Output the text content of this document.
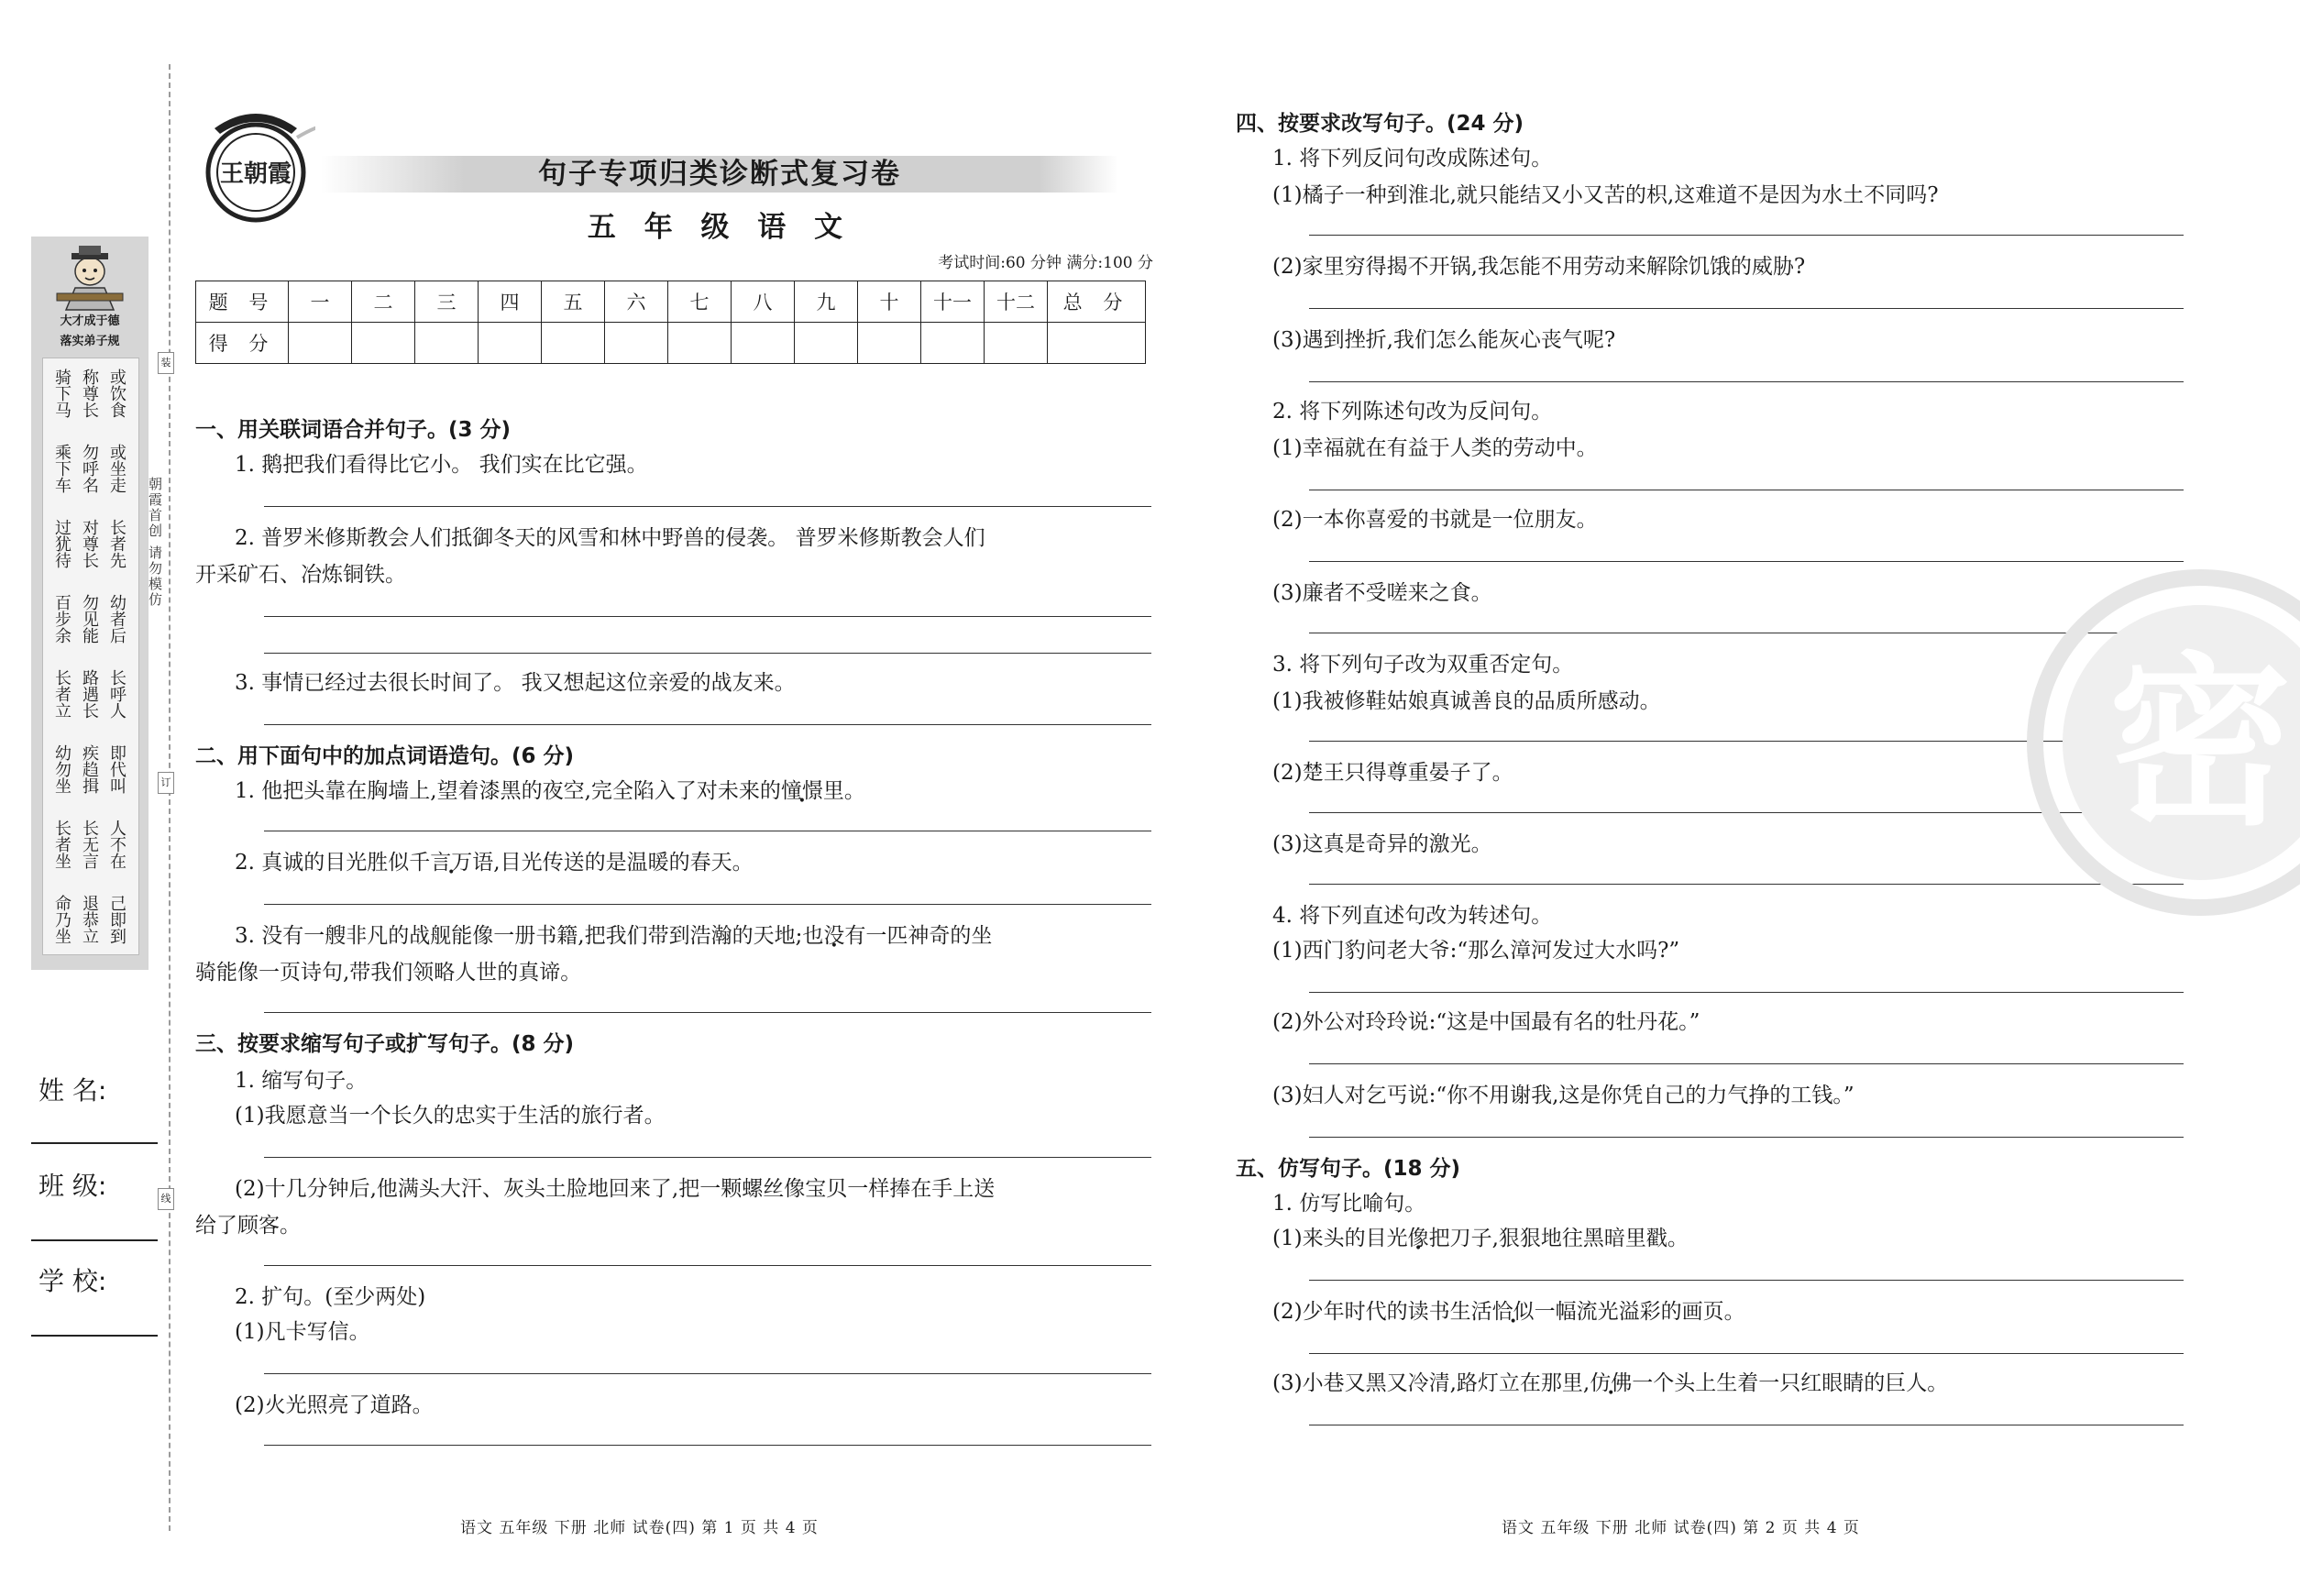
大才成于德
落实弟子规
骑下马 称尊长 或饮食
乘下车 勿呼名 或坐走
过犹待 对尊长 长者先
百步余 勿见能 幼者后
长者立 路遇长 长呼人
幼勿坐 疾趋揖 即代叫
长者坐 长无言 人不在
命乃坐 退恭立 己即到
装
订
线
朝霞首创 请勿模仿
姓 名:
班 级:
学 校:
王朝霞	句子专项归类诊断式复习卷
五 年 级 语 文
考试时间:60 分钟 满分:100 分
题 号	一	二	三	四	五	六	七	八	九	十	十一	十二	总 分
得 分													
一、用关联词语合并句子。(3 分)
1. 鹅把我们看得比它小。 我们实在比它强。
2. 普罗米修斯教会人们抵御冬天的风雪和林中野兽的侵袭。 普罗米修斯教会人们
开采矿石、冶炼铜铁。
3. 事情已经过去很长时间了。 我又想起这位亲爱的战友来。
二、用下面句中的加点词语造句。(6 分)
1. 他把头靠在胸墙上,望着漆黑的夜空,完全陷入了对未来的憧憬里。
2. 真诚的目光胜似千言万语,目光传送的是温暖的春天。
3. 没有一艘非凡的战舰能像一册书籍,把我们带到浩瀚的天地;也没有一匹神奇的坐
骑能像一页诗句,带我们领略人世的真谛。
三、按要求缩写句子或扩写句子。(8 分)
1. 缩写句子。
(1)我愿意当一个长久的忠实于生活的旅行者。
(2)十几分钟后,他满头大汗、灰头土脸地回来了,把一颗螺丝像宝贝一样捧在手上送
给了顾客。
2. 扩句。(至少两处)
(1)凡卡写信。
(2)火光照亮了道路。
语文 五年级 下册 北师 试卷(四) 第 1 页 共 4 页
四、按要求改写句子。(24 分)
1. 将下列反问句改成陈述句。
(1)橘子一种到淮北,就只能结又小又苦的枳,这难道不是因为水土不同吗?
(2)家里穷得揭不开锅,我怎能不用劳动来解除饥饿的威胁?
(3)遇到挫折,我们怎么能灰心丧气呢?
2. 将下列陈述句改为反问句。
(1)幸福就在有益于人类的劳动中。
(2)一本你喜爱的书就是一位朋友。
(3)廉者不受嗟来之食。
3. 将下列句子改为双重否定句。
(1)我被修鞋姑娘真诚善良的品质所感动。
(2)楚王只得尊重晏子了。
(3)这真是奇异的激光。
4. 将下列直述句改为转述句。
(1)西门豹问老大爷:“那么漳河发过大水吗?”
(2)外公对玲玲说:“这是中国最有名的牡丹花。”
(3)妇人对乞丐说:“你不用谢我,这是你凭自己的力气挣的工钱。”
五、仿写句子。(18 分)
1. 仿写比喻句。
(1)来头的目光像把刀子,狠狠地往黑暗里戳。
(2)少年时代的读书生活恰似一幅流光溢彩的画页。
(3)小巷又黑又冷清,路灯立在那里,仿佛一个头上生着一只红眼睛的巨人。
语文 五年级 下册 北师 试卷(四) 第 2 页 共 4 页
密
